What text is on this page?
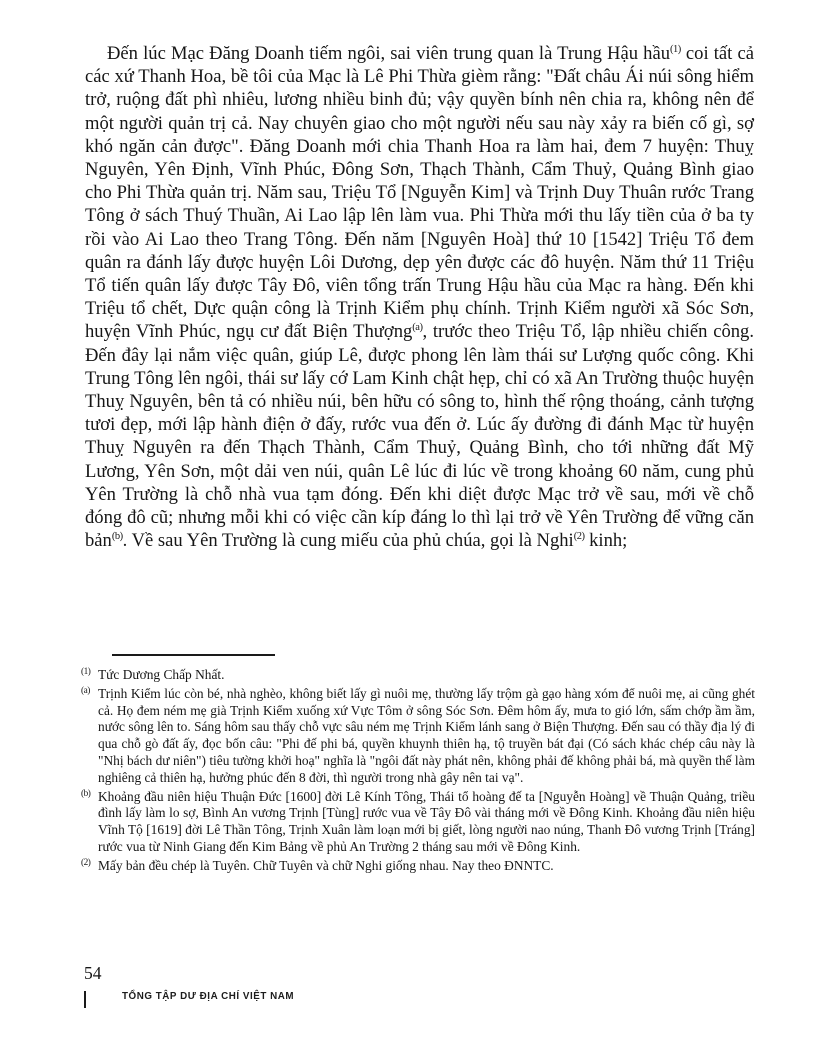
Đến lúc Mạc Đăng Doanh tiếm ngôi, sai viên trung quan là Trung Hậu hầu$^{(1)}$ coi tất cả các xứ Thanh Hoa, bề tôi của Mạc là Lê Phi Thừa gièm rằng: "Đất châu Ái núi sông hiểm trở, ruộng đất phì nhiêu, lương nhiều binh đủ; vậy quyền bính nên chia ra, không nên để một người quản trị cả. Nay chuyên giao cho một người nếu sau này xảy ra biến cố gì, sợ khó ngăn cản được". Đăng Doanh mới chia Thanh Hoa ra làm hai, đem 7 huyện: Thuỵ Nguyên, Yên Định, Vĩnh Phúc, Đông Sơn, Thạch Thành, Cẩm Thuỷ, Quảng Bình giao cho Phi Thừa quản trị. Năm sau, Triệu Tổ [Nguyễn Kim] và Trịnh Duy Thuân rước Trang Tông ở sách Thuý Thuần, Ai Lao lập lên làm vua. Phi Thừa mới thu lấy tiền của ở ba ty rồi vào Ai Lao theo Trang Tông. Đến năm [Nguyên Hoà] thứ 10 [1542] Triệu Tổ đem quân ra đánh lấy được huyện Lôi Dương, dẹp yên được các đô huyện. Năm thứ 11 Triệu Tổ tiến quân lấy được Tây Đô, viên tổng trấn Trung Hậu hầu của Mạc ra hàng. Đến khi Triệu tổ chết, Dực quận công là Trịnh Kiểm phụ chính. Trịnh Kiểm người xã Sóc Sơn, huyện Vĩnh Phúc, ngụ cư đất Biện Thượng$^{(a)}$, trước theo Triệu Tổ, lập nhiều chiến công. Đến đây lại nắm việc quân, giúp Lê, được phong lên làm thái sư Lượng quốc công. Khi Trung Tông lên ngôi, thái sư lấy cớ Lam Kinh chật hẹp, chỉ có xã An Trường thuộc huyện Thuỵ Nguyên, bên tả có nhiều núi, bên hữu có sông to, hình thế rộng thoáng, cảnh tượng tươi đẹp, mới lập hành điện ở đấy, rước vua đến ở. Lúc ấy đường đi đánh Mạc từ huyện Thuỵ Nguyên ra đến Thạch Thành, Cẩm Thuỷ, Quảng Bình, cho tới những đất Mỹ Lương, Yên Sơn, một dải ven núi, quân Lê lúc đi lúc về trong khoảng 60 năm, cung phủ Yên Trường là chỗ nhà vua tạm đóng. Đến khi diệt được Mạc trở về sau, mới về chỗ đóng đô cũ; nhưng mỗi khi có việc cần kíp đáng lo thì lại trở về Yên Trường để vững căn bản$^{(b)}$. Về sau Yên Trường là cung miếu của phủ chúa, gọi là Nghi$^{(2)}$ kinh;

(1) Tức Dương Chấp Nhất.
(a) Trịnh Kiểm lúc còn bé, nhà nghèo, không biết lấy gì nuôi mẹ, thường lấy trộm gà gạo hàng xóm để nuôi mẹ, ai cũng ghét cả. Họ đem ném mẹ già Trịnh Kiểm xuống xứ Vực Tôm ở sông Sóc Sơn. Đêm hôm ấy, mưa to gió lớn, sấm chớp ầm ầm, nước sông lên to. Sáng hôm sau thấy chỗ vực sâu ném mẹ Trịnh Kiểm lánh sang ở Biện Thượng. Đến sau có thầy địa lý đi qua chỗ gò đất ấy, đọc bốn câu: "Phi đế phi bá, quyền khuynh thiên hạ, tộ truyền bát đại (Có sách khác chép câu này là "Nhị bách dư niên") tiêu tường khởi hoạ" nghĩa là "ngôi đất này phát nên, không phải đế không phải bá, mà quyền thế làm nghiêng cả thiên hạ, hưởng phúc đến 8 đời, thì người trong nhà gây nên tai vạ".
(b) Khoảng đầu niên hiệu Thuận Đức [1600] đời Lê Kính Tông, Thái tổ hoàng đế ta [Nguyễn Hoàng] về Thuận Quảng, triều đình lấy làm lo sợ, Bình An vương Trịnh [Tùng] rước vua về Tây Đô vài tháng mới về Đông Kinh. Khoảng đầu niên hiệu Vĩnh Tộ [1619] đời Lê Thần Tông, Trịnh Xuân làm loạn mới bị giết, lòng người nao núng, Thanh Đô vương Trịnh [Tráng] rước vua từ Ninh Giang đến Kim Bảng về phủ An Trường 2 tháng sau mới về Đông Kinh.
(2) Mấy bản đều chép là Tuyên. Chữ Tuyên và chữ Nghi giống nhau. Nay theo ĐNNTC.
54
TỔNG TẬP DƯ ĐỊA CHÍ VIỆT NAM
